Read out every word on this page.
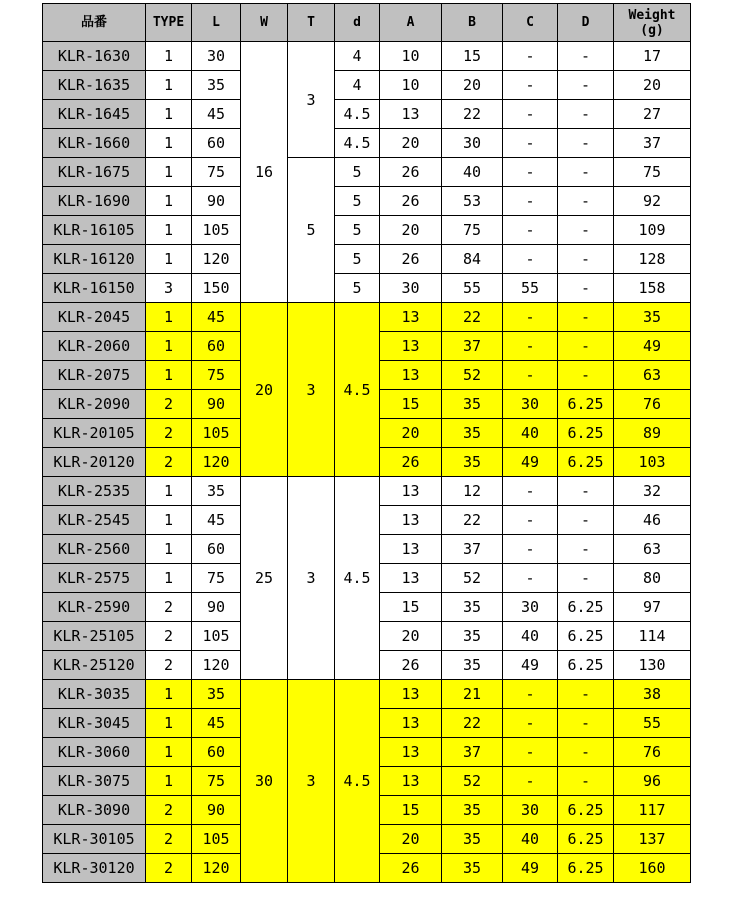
品番	TYPE	L	W	T	d	A	B	C	D	Weight
(g)
KLR-1630	1	30	16	3	4	10	15	-	-	17
KLR-1635	1	35			4	10	20	-	-	20
KLR-1645	1	45			4.5	13	22	-	-	27
KLR-1660	1	60			4.5	20	30	-	-	37
KLR-1675	1	75		5	5	26	40	-	-	75
KLR-1690	1	90			5	26	53	-	-	92
KLR-16105	1	105			5	20	75	-	-	109
KLR-16120	1	120			5	26	84	-	-	128
KLR-16150	3	150			5	30	55	55	-	158
KLR-2045	1	45	20	3	4.5	13	22	-	-	35
KLR-2060	1	60				13	37	-	-	49
KLR-2075	1	75				13	52	-	-	63
KLR-2090	2	90				15	35	30	6.25	76
KLR-20105	2	105				20	35	40	6.25	89
KLR-20120	2	120				26	35	49	6.25	103
KLR-2535	1	35	25	3	4.5	13	12	-	-	32
KLR-2545	1	45				13	22	-	-	46
KLR-2560	1	60				13	37	-	-	63
KLR-2575	1	75				13	52	-	-	80
KLR-2590	2	90				15	35	30	6.25	97
KLR-25105	2	105				20	35	40	6.25	114
KLR-25120	2	120				26	35	49	6.25	130
KLR-3035	1	35	30	3	4.5	13	21	-	-	38
KLR-3045	1	45				13	22	-	-	55
KLR-3060	1	60				13	37	-	-	76
KLR-3075	1	75				13	52	-	-	96
KLR-3090	2	90				15	35	30	6.25	117
KLR-30105	2	105				20	35	40	6.25	137
KLR-30120	2	120				26	35	49	6.25	160
